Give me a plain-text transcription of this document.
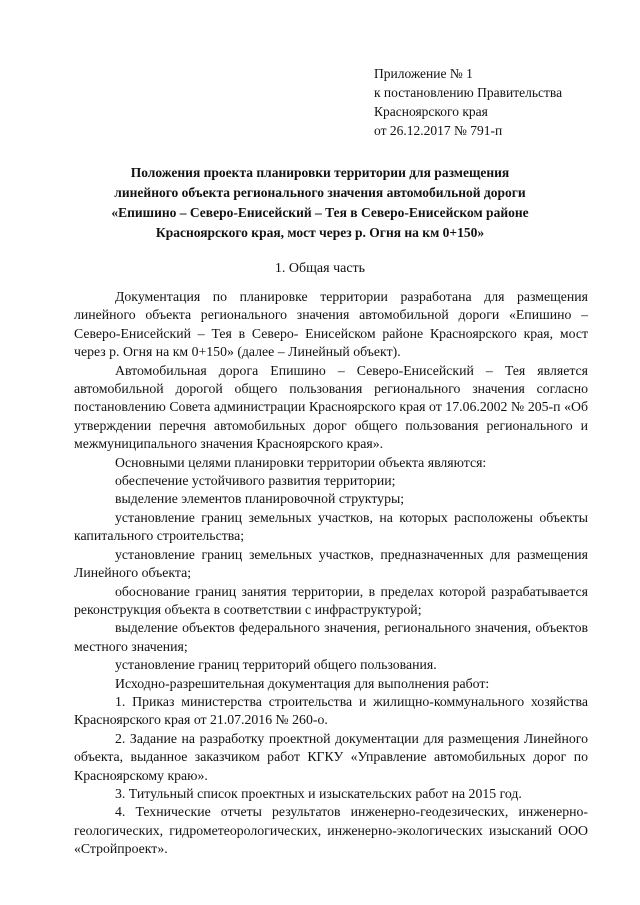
Приложение № 1
к постановлению Правительства
Красноярского края
от 26.12.2017 № 791-п
Положения проекта планировки территории для размещения
линейного объекта регионального значения автомобильной дороги
«Епишино – Северо-Енисейский – Тея в Северо-Енисейском районе
Красноярского края, мост через р. Огня на км 0+150»
1. Общая часть

Документация по планировке территории разработана для размещения линейного объекта регионального значения автомобильной дороги «Епишино – Северо-Енисейский – Тея в Северо- Енисейском районе Красноярского края, мост через р. Огня на км 0+150» (далее – Линейный объект).

Автомобильная дорога Епишино – Северо-Енисейский – Тея является автомобильной дорогой общего пользования регионального значения согласно постановлению Совета администрации Красноярского края от 17.06.2002 № 205-п «Об утверждении перечня автомобильных дорог общего пользования регионального и межмуниципального значения Красноярского края».

Основными целями планировки территории объекта являются:

обеспечение устойчивого развития территории;

выделение элементов планировочной структуры;

установление границ земельных участков, на которых расположены объекты капитального строительства;

установление границ земельных участков, предназначенных для размещения Линейного объекта;

обоснование границ занятия территории, в пределах которой разрабатывается реконструкция объекта в соответствии с инфраструктурой;

выделение объектов федерального значения, регионального значения, объектов местного значения;

установление границ территорий общего пользования.

Исходно-разрешительная документация для выполнения работ:

1. Приказ министерства строительства и жилищно-коммунального хозяйства Красноярского края от 21.07.2016 № 260-о.

2. Задание на разработку проектной документации для размещения Линейного объекта, выданное заказчиком работ КГКУ «Управление автомобильных дорог по Красноярскому краю».

3. Титульный список проектных и изыскательских работ на 2015 год.

4. Технические отчеты результатов инженерно-геодезических, инженерно-геологических, гидрометеорологических, инженерно-экологических изысканий ООО «Стройпроект».
